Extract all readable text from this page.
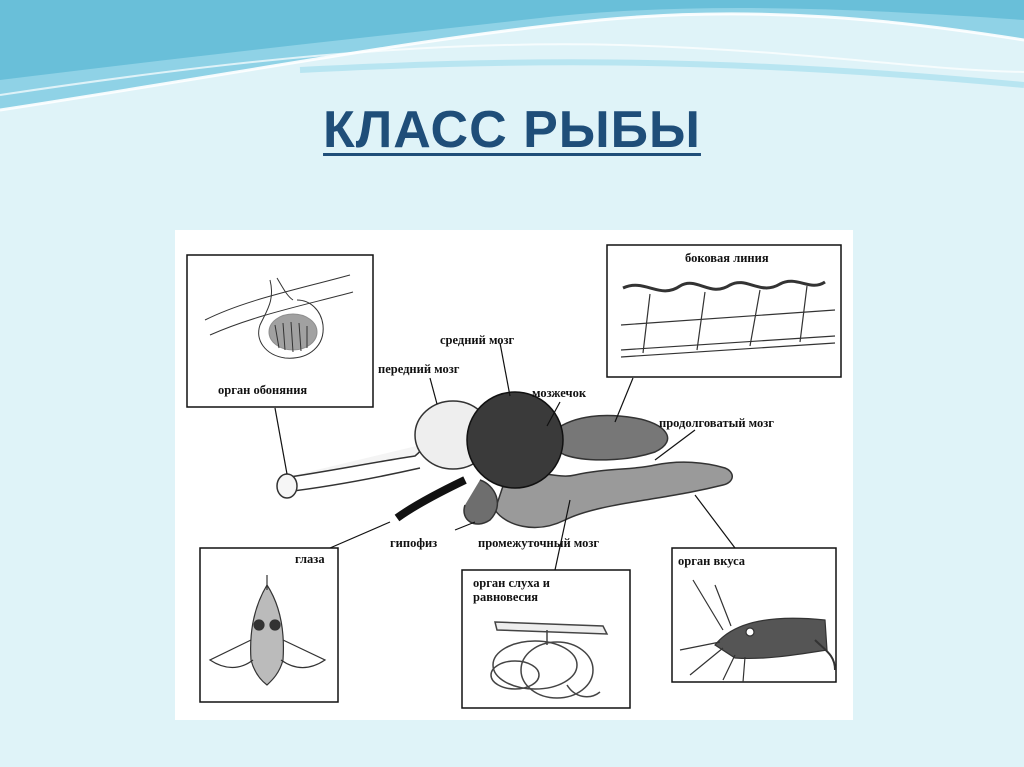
КЛАСС РЫБЫ
орган обоняния
передний мозг
средний мозг
мозжечок
боковая линия
продолговатый мозг
глаза
гипофиз	промежуточный мозг
орган слуха и
равновесия
орган вкуса
